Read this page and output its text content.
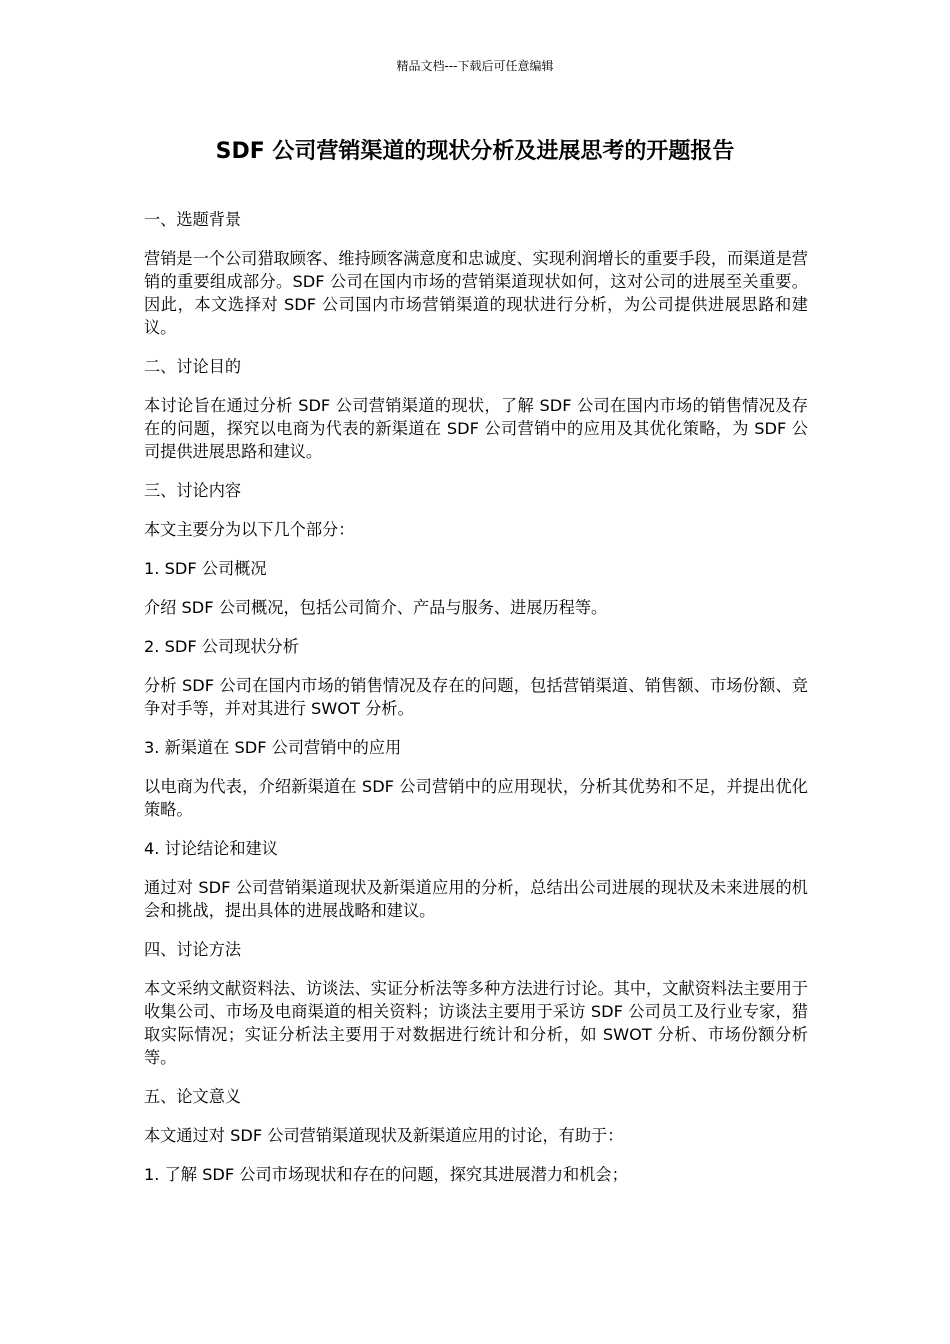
精品文档---下载后可任意编辑
SDF 公司营销渠道的现状分析及进展思考的开题报告

一、选题背景

营销是一个公司猎取顾客、维持顾客满意度和忠诚度、实现利润增长的重要手段，而渠道是营销的重要组成部分。SDF 公司在国内市场的营销渠道现状如何，这对公司的进展至关重要。因此，本文选择对 SDF 公司国内市场营销渠道的现状进行分析，为公司提供进展思路和建议。

二、讨论目的

本讨论旨在通过分析 SDF 公司营销渠道的现状，了解 SDF 公司在国内市场的销售情况及存在的问题，探究以电商为代表的新渠道在 SDF 公司营销中的应用及其优化策略，为 SDF 公司提供进展思路和建议。

三、讨论内容

本文主要分为以下几个部分：

1. SDF 公司概况

介绍 SDF 公司概况，包括公司简介、产品与服务、进展历程等。

2. SDF 公司现状分析

分析 SDF 公司在国内市场的销售情况及存在的问题，包括营销渠道、销售额、市场份额、竞争对手等，并对其进行 SWOT 分析。

3. 新渠道在 SDF 公司营销中的应用

以电商为代表，介绍新渠道在 SDF 公司营销中的应用现状，分析其优势和不足，并提出优化策略。

4. 讨论结论和建议

通过对 SDF 公司营销渠道现状及新渠道应用的分析，总结出公司进展的现状及未来进展的机会和挑战，提出具体的进展战略和建议。

四、讨论方法

本文采纳文献资料法、访谈法、实证分析法等多种方法进行讨论。其中，文献资料法主要用于收集公司、市场及电商渠道的相关资料；访谈法主要用于采访 SDF 公司员工及行业专家，猎取实际情况；实证分析法主要用于对数据进行统计和分析，如 SWOT 分析、市场份额分析等。

五、论文意义

本文通过对 SDF 公司营销渠道现状及新渠道应用的讨论，有助于：

1. 了解 SDF 公司市场现状和存在的问题，探究其进展潜力和机会；
